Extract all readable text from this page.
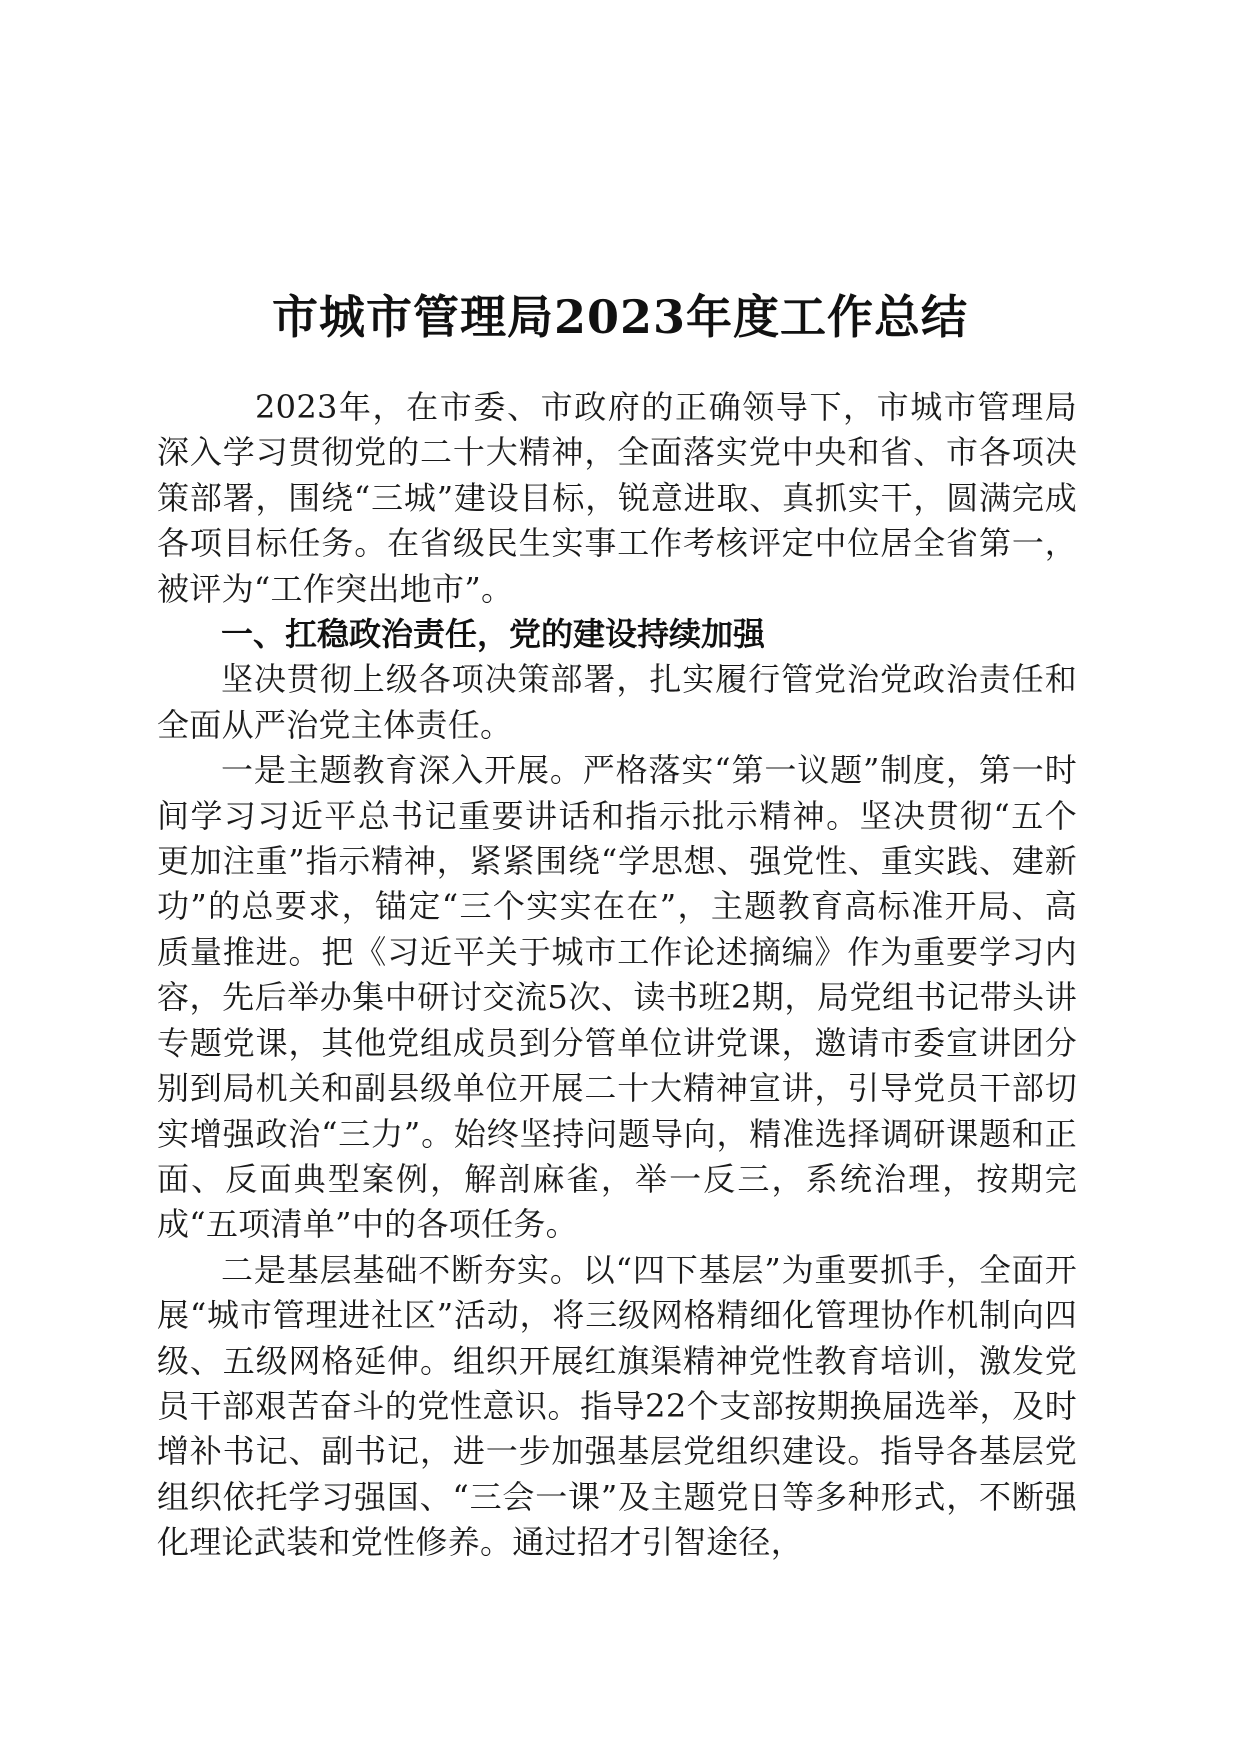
市城市管理局2023年度工作总结

2023年，在市委、市政府的正确领导下，市城市管理局深入学习贯彻党的二十大精神，全面落实党中央和省、市各项决策部署，围绕“三城”建设目标，锐意进取、真抓实干，圆满完成各项目标任务。在省级民生实事工作考核评定中位居全省第一，被评为“工作突出地市”。

一、扛稳政治责任，党的建设持续加强

坚决贯彻上级各项决策部署，扎实履行管党治党政治责任和全面从严治党主体责任。

一是主题教育深入开展。严格落实“第一议题”制度，第一时间学习习近平总书记重要讲话和指示批示精神。坚决贯彻“五个更加注重”指示精神，紧紧围绕“学思想、强党性、重实践、建新功”的总要求，锚定“三个实实在在”，主题教育高标准开局、高质量推进。把《习近平关于城市工作论述摘编》作为重要学习内容，先后举办集中研讨交流5次、读书班2期，局党组书记带头讲专题党课，其他党组成员到分管单位讲党课，邀请市委宣讲团分别到局机关和副县级单位开展二十大精神宣讲，引导党员干部切实增强政治“三力”。始终坚持问题导向，精准选择调研课题和正面、反面典型案例，解剖麻雀，举一反三，系统治理，按期完成“五项清单”中的各项任务。

二是基层基础不断夯实。以“四下基层”为重要抓手，全面开展“城市管理进社区”活动，将三级网格精细化管理协作机制向四级、五级网格延伸。组织开展红旗渠精神党性教育培训，激发党员干部艰苦奋斗的党性意识。指导22个支部按期换届选举，及时增补书记、副书记，进一步加强基层党组织建设。指导各基层党组织依托学习强国、“三会一课”及主题党日等多种形式，不断强化理论武装和党性修养。通过招才引智途径，
